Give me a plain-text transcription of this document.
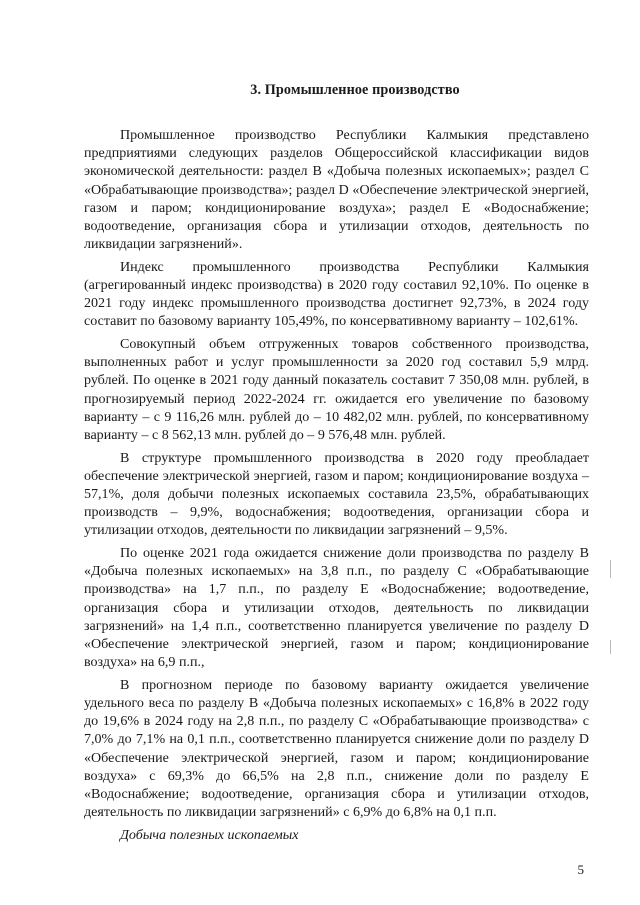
3. Промышленное производство

Промышленное производство Республики Калмыкия представлено предприятиями следующих разделов Общероссийской классификации видов экономической деятельности: раздел B «Добыча полезных ископаемых»; раздел C «Обрабатывающие производства»; раздел D «Обеспечение электрической энергией, газом и паром; кондиционирование воздуха»; раздел E «Водоснабжение; водоотведение, организация сбора и утилизации отходов, деятельность по ликвидации загрязнений».

Индекс промышленного производства Республики Калмыкия (агрегированный индекс производства) в 2020 году составил 92,10%. По оценке в 2021 году индекс промышленного производства достигнет 92,73%, в 2024 году составит по базовому варианту 105,49%, по консервативному варианту – 102,61%.

Совокупный объем отгруженных товаров собственного производства, выполненных работ и услуг промышленности за 2020 год составил 5,9 млрд. рублей. По оценке в 2021 году данный показатель составит 7 350,08 млн. рублей, в прогнозируемый период 2022-2024 гг. ожидается его увеличение по базовому варианту – с 9 116,26 млн. рублей до – 10 482,02 млн. рублей, по консервативному варианту – с 8 562,13 млн. рублей до – 9 576,48 млн. рублей.

В структуре промышленного производства в 2020 году преобладает обеспечение электрической энергией, газом и паром; кондиционирование воздуха – 57,1%, доля добычи полезных ископаемых составила 23,5%, обрабатывающих производств – 9,9%, водоснабжения; водоотведения, организации сбора и утилизации отходов, деятельности по ликвидации загрязнений – 9,5%.

По оценке 2021 года ожидается снижение доли производства по разделу B «Добыча полезных ископаемых» на 3,8 п.п., по разделу C «Обрабатывающие производства» на 1,7 п.п., по разделу E «Водоснабжение; водоотведение, организация сбора и утилизации отходов, деятельность по ликвидации загрязнений» на 1,4 п.п., соответственно планируется увеличение по разделу D «Обеспечение электрической энергией, газом и паром; кондиционирование воздуха» на 6,9 п.п.,

В прогнозном периоде по базовому варианту ожидается увеличение удельного веса по разделу B «Добыча полезных ископаемых» с 16,8% в 2022 году до 19,6% в 2024 году на 2,8 п.п., по разделу C «Обрабатывающие производства» с 7,0% до 7,1% на 0,1 п.п., соответственно планируется снижение доли по разделу D «Обеспечение электрической энергией, газом и паром; кондиционирование воздуха» с 69,3% до 66,5% на 2,8 п.п., снижение доли по разделу E «Водоснабжение; водоотведение, организация сбора и утилизации отходов, деятельность по ликвидации загрязнений» с 6,9% до 6,8% на 0,1 п.п.

Добыча полезных ископаемых

5
